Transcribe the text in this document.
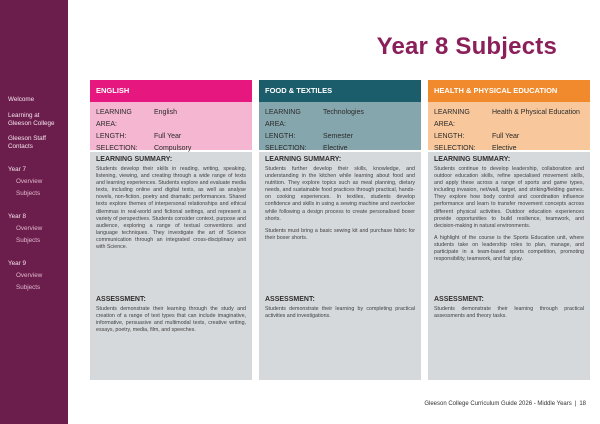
Welcome
Learning at Gleeson College
Gleeson Staff Contacts
Year 7
Overview
Subjects
Year 8
Overview
Subjects
Year 9
Overview
Subjects
Year 8 Subjects
ENGLISH
LEARNING AREA:
English
LENGTH:	Full Year
SELECTION:	Compulsory
LEARNING SUMMARY:
Students develop their skills in reading, writing, speaking, listening, viewing, and creating through a wide range of texts and learning experiences. Students explore and evaluate media texts, including online and digital texts, as well as analyse novels, non-fiction, poetry and dramatic performances. Shared texts explore themes of interpersonal relationships and ethical dilemmas in real-world and fictional settings, and represent a variety of perspectives. Students consider context, purpose and audience, exploring a range of textual conventions and language techniques. They investigate the art of Science communication through an integrated cross-disciplinary unit with Science.
ASSESSMENT:
Students demonstrate their learning through the study and creation of a range of text types that can include imaginative, informative, persuasive and multimodal texts, creative writing, essays, poetry, media, film, and speeches.
FOOD & TEXTILES
LEARNING AREA:
Technologies
LENGTH:	Semester
SELECTION:	Elective
LEARNING SUMMARY:
Students further develop their skills, knowledge, and understanding in the kitchen while learning about food and nutrition. They explore topics such as meal planning, dietary needs, and sustainable food practices through practical, hands-on cooking experiences. In textiles, students develop confidence and skills in using a sewing machine and overlocker while following a design process to create personalised boxer shorts.
Students must bring a basic sewing kit and purchase fabric for their boxer shorts.
ASSESSMENT:
Students demonstrate their learning by completing practical activities and investigations.
HEALTH & PHYSICAL EDUCATION
LEARNING AREA:
Health & Physical Education
LENGTH:	Full Year
SELECTION:	Elective
LEARNING SUMMARY:
Students continue to develop leadership, collaboration and outdoor education skills, refine specialised movement skills, and apply these across a range of sports and game types, including invasion, net/wall, target, and striking/fielding games. They explore how body control and coordination influence performance and learn to transfer movement concepts across different physical activities. Outdoor education experiences provide opportunities to build resilience, teamwork, and decision-making in natural environments.
A highlight of the course is the Sports Education unit, where students take on leadership roles to plan, manage, and participate in a team-based sports competition, promoting responsibility, teamwork, and fair play.
ASSESSMENT:
Students demonstrate their learning through practical assessments and theory tasks.
Gleeson College Curriculum Guide 2026 - Middle Years | 18
